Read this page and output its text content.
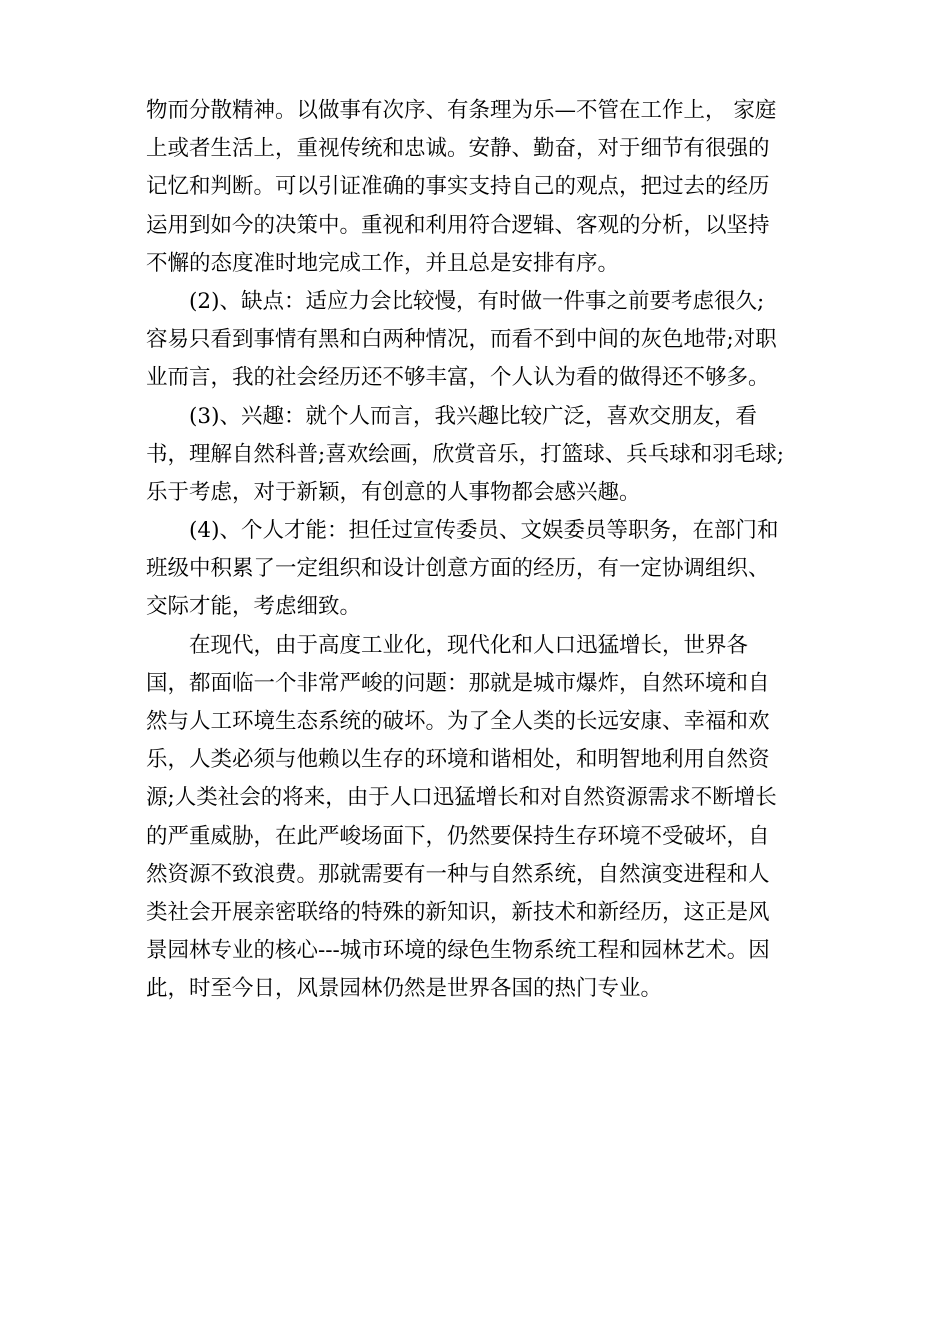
物而分散精神。以做事有次序、有条理为乐—不管在工作上， 家庭
上或者生活上，重视传统和忠诚。安静、勤奋，对于细节有很强的
记忆和判断。可以引证准确的事实支持自己的观点，把过去的经历
运用到如今的决策中。重视和利用符合逻辑、客观的分析，以坚持
不懈的态度准时地完成工作，并且总是安排有序。
(2)、缺点：适应力会比较慢，有时做一件事之前要考虑很久;
容易只看到事情有黑和白两种情况，而看不到中间的灰色地带;对职
业而言，我的社会经历还不够丰富，个人认为看的做得还不够多。
(3)、兴趣：就个人而言，我兴趣比较广泛，喜欢交朋友，看
书，理解自然科普;喜欢绘画，欣赏音乐，打篮球、兵乓球和羽毛球;
乐于考虑，对于新颖，有创意的人事物都会感兴趣。
(4)、个人才能：担任过宣传委员、文娱委员等职务，在部门和
班级中积累了一定组织和设计创意方面的经历，有一定协调组织、
交际才能，考虑细致。
在现代，由于高度工业化，现代化和人口迅猛增长，世界各
国，都面临一个非常严峻的问题：那就是城市爆炸，自然环境和自
然与人工环境生态系统的破坏。为了全人类的长远安康、幸福和欢
乐，人类必须与他赖以生存的环境和谐相处，和明智地利用自然资
源;人类社会的将来，由于人口迅猛增长和对自然资源需求不断增长
的严重威胁，在此严峻场面下，仍然要保持生存环境不受破坏，自
然资源不致浪费。那就需要有一种与自然系统，自然演变进程和人
类社会开展亲密联络的特殊的新知识，新技术和新经历，这正是风
景园林专业的核心---城市环境的绿色生物系统工程和园林艺术。因
此，时至今日，风景园林仍然是世界各国的热门专业。
